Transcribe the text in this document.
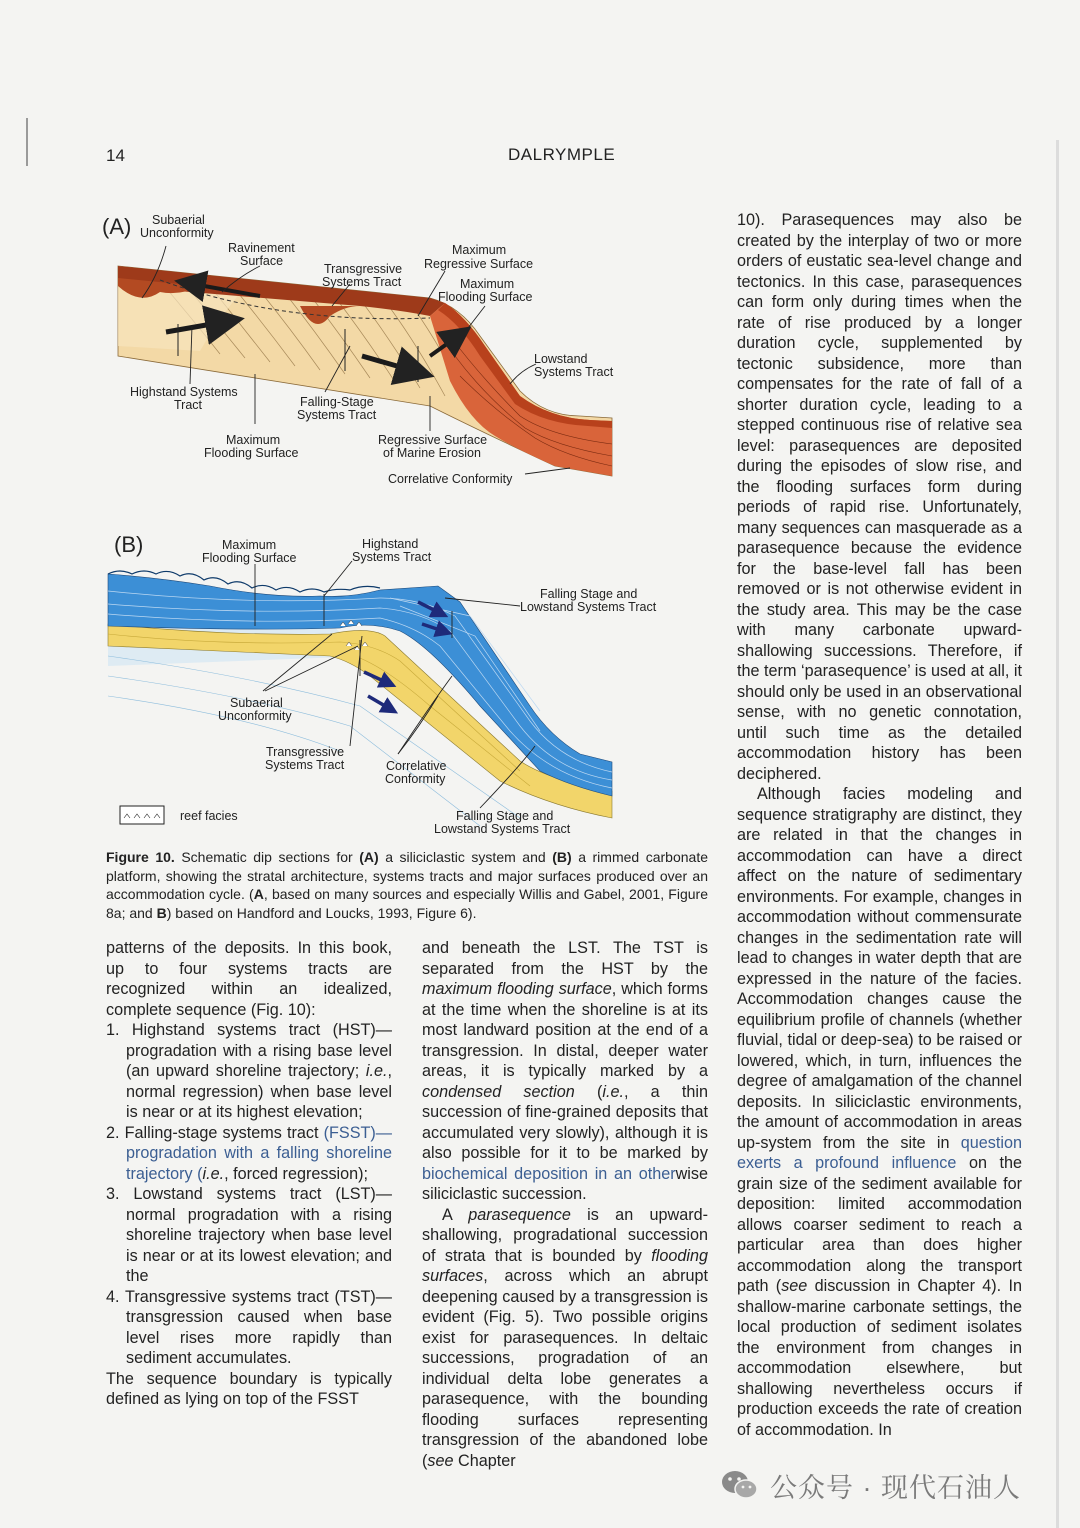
14	DALRYMPLE
(A) Subaerial
Unconformity
Ravinement
Surface
Transgressive
Systems Tract
Maximum
Regressive Surface
Maximum
Flooding Surface
Lowstand
Systems Tract
Highstand Systems
Tract	Falling-Stage
Systems Tract
Maximum
Flooding Surface
Regressive Surface
of Marine Erosion
Correlative Conformity
(B)	Maximum
Flooding Surface
Highstand
Systems Tract
Falling Stage and
Lowstand Systems Tract
Subaerial
Unconformity
Transgressive
Systems Tract	Correlative
Conformity
reef facies	Falling Stage and
Lowstand Systems Tract
Figure 10. Schematic dip sections for (A) a siliciclastic system and (B) a rimmed carbonate platform, showing the stratal architecture, systems tracts and major surfaces produced over an accommodation cycle. (A, based on many sources and especially Willis and Gabel, 2001, Figure 8a; and B) based on Handford and Loucks, 1993, Figure 6).

patterns of the deposits. In this book, up to four systems tracts are recognized within an idealized, complete sequence (Fig. 10):

1. Highstand systems tract (HST)—progradation with a rising base level (an upward shoreline trajectory; i.e., normal regression) when base level is near or at its highest elevation;

2. Falling-stage systems tract (FSST)—progradation with a falling shoreline trajectory (i.e., forced regression);

3. Lowstand systems tract (LST)—normal progradation with a rising shoreline trajectory when base level is near or at its lowest elevation; and the

4. Transgressive systems tract (TST)—transgression caused when base level rises more rapidly than sediment accumulates.

The sequence boundary is typically defined as lying on top of the FSST

and beneath the LST. The TST is separated from the HST by the maximum flooding surface, which forms at the time when the shoreline is at its most landward position at the end of a transgression. In distal, deeper water areas, it is typically marked by a condensed section (i.e., a thin succession of fine-grained deposits that accumulated very slowly), although it is also possible for it to be marked by biochemical deposition in an otherwise siliciclastic succession.

A parasequence is an upward-shallowing, progradational succession of strata that is bounded by flooding surfaces, across which an abrupt deepening caused by a transgression is evident (Fig. 5). Two possible origins exist for parasequences. In deltaic successions, progradation of an individual delta lobe generates a parasequence, with the bounding flooding surfaces representing transgression of the abandoned lobe (see Chapter

10). Parasequences may also be created by the interplay of two or more orders of eustatic sea-level change and tectonics. In this case, parasequences can form only during times when the rate of rise produced by a longer duration cycle, supplemented by tectonic subsidence, more than compensates for the rate of fall of a shorter duration cycle, leading to a stepped continuous rise of relative sea level: parasequences are deposited during the episodes of slow rise, and the flooding surfaces form during periods of rapid rise. Unfortunately, many sequences can masquerade as a parasequence because the evidence for the base-level fall has been removed or is not otherwise evident in the study area. This may be the case with many carbonate upward-shallowing successions. Therefore, if the term ‘parasequence’ is used at all, it should only be used in an observational sense, with no genetic connotation, until such time as the detailed accommodation history has been deciphered.

Although facies modeling and sequence stratigraphy are distinct, they are related in that the changes in accommodation can have a direct affect on the nature of sedimentary environments. For example, changes in accommodation without commensurate changes in the sedimentation rate will lead to changes in water depth that are expressed in the nature of the facies. Accommodation changes cause the equilibrium profile of channels (whether fluvial, tidal or deep-sea) to be raised or lowered, which, in turn, influences the degree of amalgamation of the channel deposits. In siliciclastic environments, the amount of accommodation in areas up-system from the site in question exerts a profound influence on the grain size of the sediment available for deposition: limited accommodation allows coarser sediment to reach a particular area than does higher accommodation along the transport path (see discussion in Chapter 4). In shallow-marine carbonate settings, the local production of sediment isolates the environment from changes in accommodation elsewhere, but shallowing nevertheless occurs if production exceeds the rate of creation of accommodation. In

公众号 · 现代石油人
